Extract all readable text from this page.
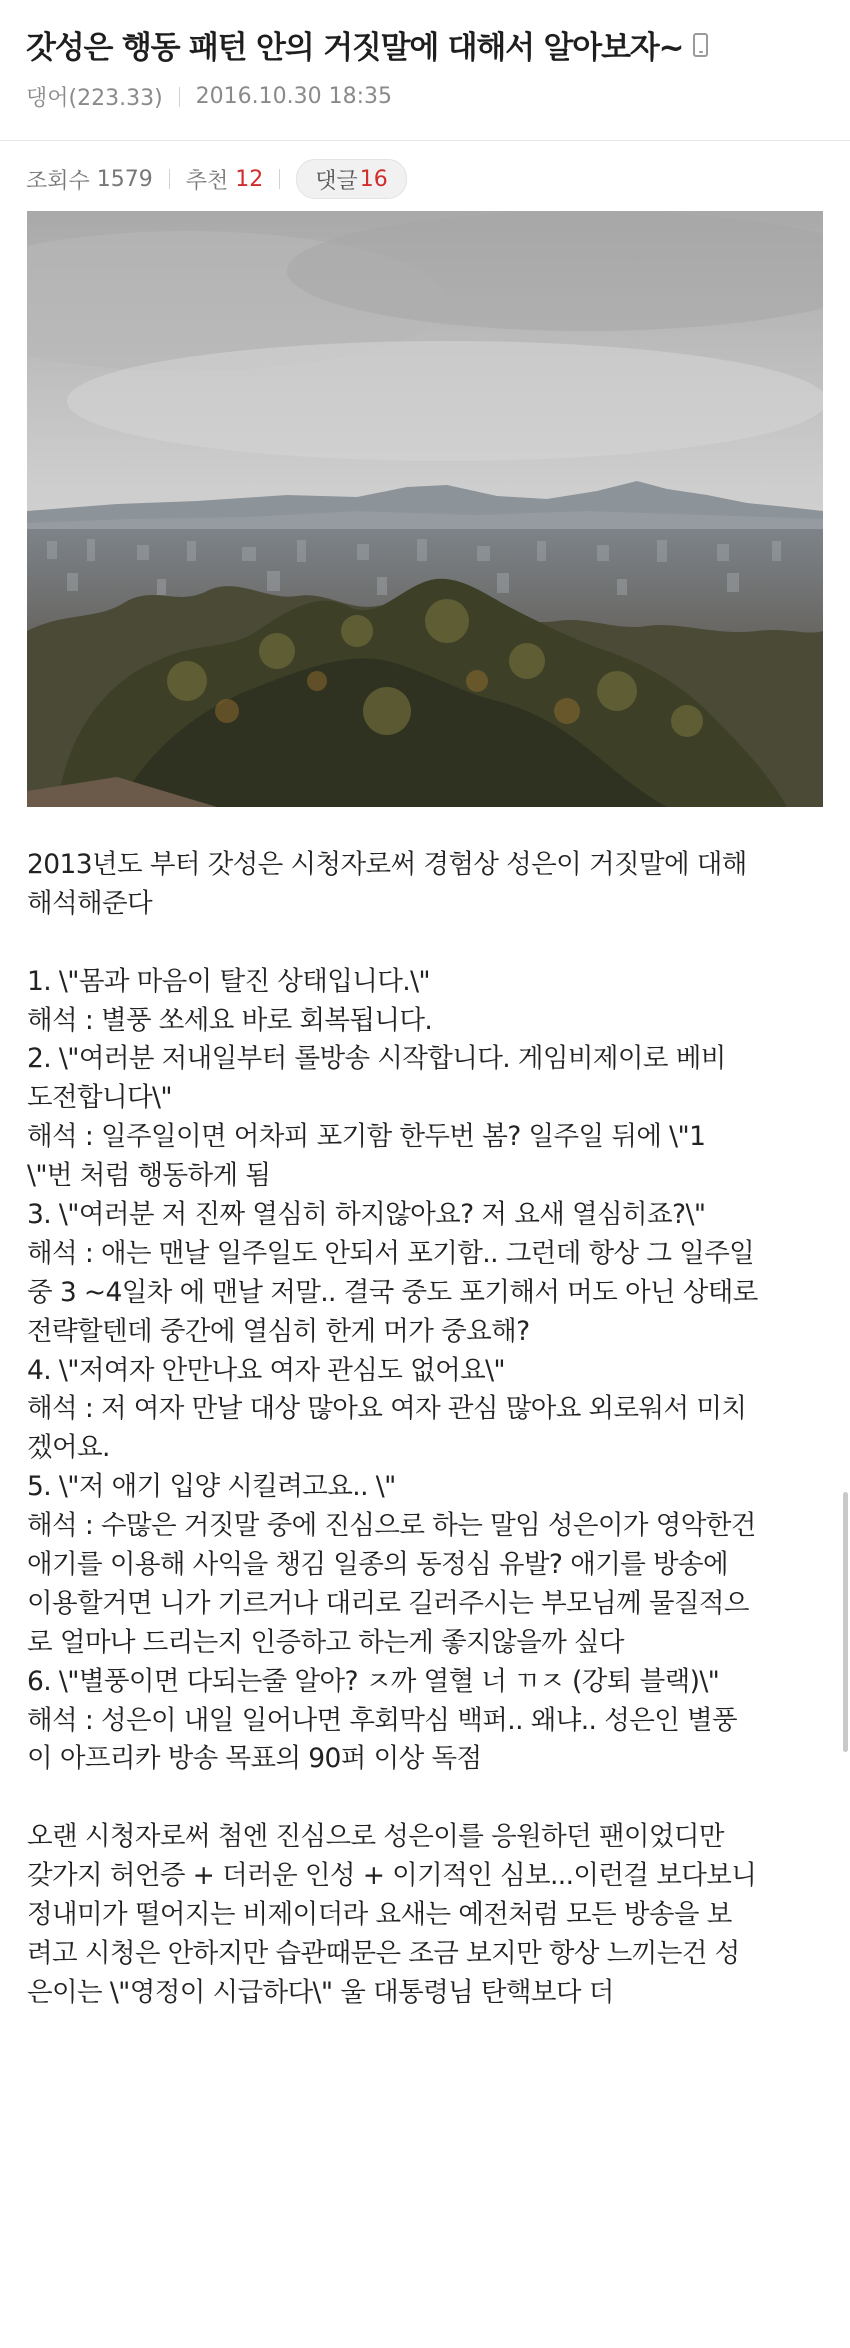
갓성은 행동 패턴 안의 거짓말에 대해서 알아보자~
댕어(223.33) 2016.10.30 18:35
조회수 1579 추천 12 댓글 16
2013년도 부터 갓성은 시청자로써 경험상 성은이 거짓말에 대해
해석해준다
1. \"몸과 마음이 탈진 상태입니다.\"
해석 : 별풍 쏘세요 바로 회복됩니다.
2. \"여러분 저내일부터 롤방송 시작합니다. 게임비제이로 베비
도전합니다\"
해석 : 일주일이면 어차피 포기함 한두번 봄? 일주일 뒤에 \"1
\"번 처럼 행동하게 됨
3. \"여러분 저 진짜 열심히 하지않아요? 저 요새 열심히죠?\"
해석 : 애는 맨날 일주일도 안되서 포기함.. 그런데 항상 그 일주일
중 3 ~4일차 에 맨날 저말.. 결국 중도 포기해서 머도 아닌 상태로
전략할텐데 중간에 열심히 한게 머가 중요해?
4. \"저여자 안만나요 여자 관심도 없어요\"
해석 : 저 여자 만날 대상 많아요 여자 관심 많아요 외로워서 미치
겠어요.
5. \"저 애기 입양 시킬려고요.. \"
해석 : 수많은 거짓말 중에 진심으로 하는 말임 성은이가 영악한건
애기를 이용해 사익을 챙김 일종의 동정심 유발? 애기를 방송에
이용할거면 니가 기르거나 대리로 길러주시는 부모님께 물질적으
로 얼마나 드리는지 인증하고 하는게 좋지않을까 싶다
6. \"별풍이면 다되는줄 알아? ㅈ까 열혈 너 ㄲㅈ (강퇴 블랙)\"
해석 : 성은이 내일 일어나면 후회막심 백퍼.. 왜냐.. 성은인 별풍
이 아프리카 방송 목표의 90퍼 이상 독점
오랜 시청자로써 첨엔 진심으로 성은이를 응원하던 팬이었디만
갖가지 허언증 + 더러운 인성 + 이기적인 심보...이런걸 보다보니
정내미가 떨어지는 비제이더라 요새는 예전처럼 모든 방송을 보
려고 시청은 안하지만 습관때문은 조금 보지만 항상 느끼는건 성
은이는 \"영정이 시급하다\" 울 대통령님 탄핵보다 더
